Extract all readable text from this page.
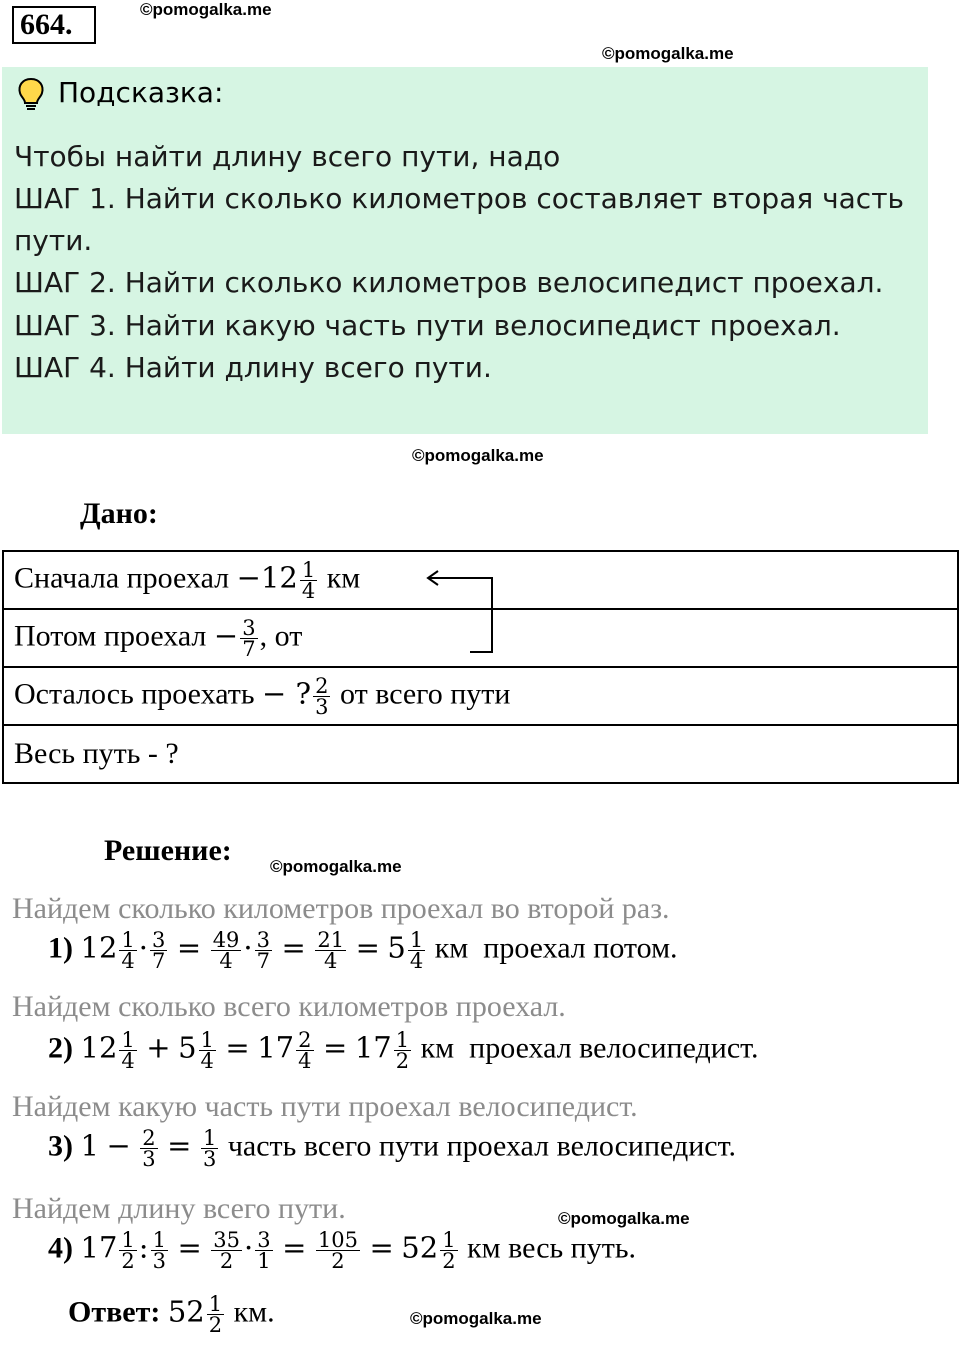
664.	©pomogalka.me
©pomogalka.me
Подсказка:
Чтобы найти длину всего пути, надо
ШАГ 1. Найти сколько километров составляет вторая часть
пути.
ШАГ 2. Найти сколько километров велосипедист проехал.
ШАГ 3. Найти какую часть пути велосипедист проехал.
ШАГ 4. Найти длину всего пути.
©pomogalka.me
Дано:
Сначала проехал $-12 \frac{1}{4}$ км
Потом проехал − $\frac{3}{7}$ , от
Осталось проехать − ? $\frac{2}{3}$ от всего пути
Весь путь - ?
Решение: ©pomogalka.me
Найдем сколько километров проехал во второй раз.
1) $12 \frac{1}{4} \cdot \frac{3}{7} = \frac{49}{4} \cdot \frac{3}{7} = \frac{21}{4} = 5 \frac{1}{4}$ км проехал потом.
Найдем сколько всего километров проехал.
2) $12 \frac{1}{4} + 5 \frac{1}{4} = 17 \frac{2}{4} = 17 \frac{1}{2}$ км проехал велосипедист.
Найдем какую часть пути проехал велосипедист.
3) $1 - \frac{2}{3} = \frac{1}{3}$ часть всего пути проехал велосипедист.
Найдем длину всего пути.	©pomogalka.me
4) $17 \frac{1}{2}$ : $\frac{1}{3} = \frac{35}{2} \cdot \frac{3}{1} = \frac{105}{2} = 52 \frac{1}{2}$ км весь путь.
Ответ: $52 \frac{1}{2}$ км.	©pomogalka.me
